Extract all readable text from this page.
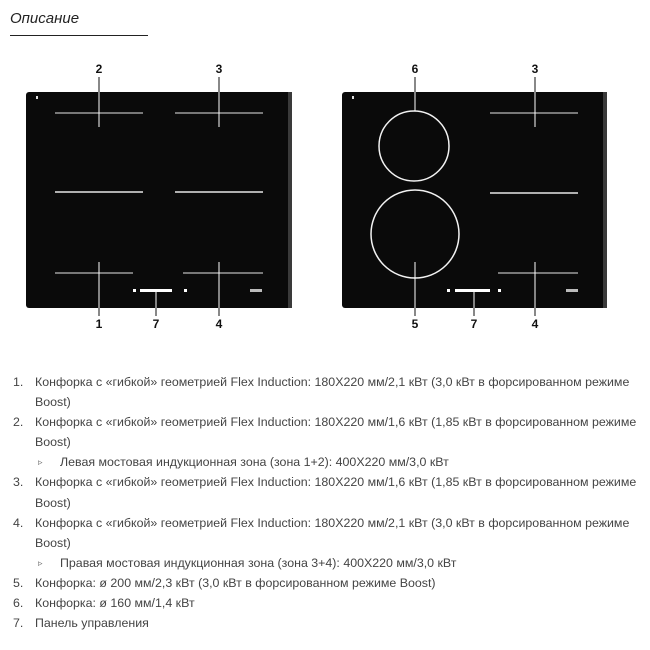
Описание
2	3
1	7	4
6	3
5	7	4
1. Конфорка с «гибкой» геометрией Flex Induction: 180Х220 мм/2,1 кВт (3,0 кВт в форсированном режиме Boost)
2. Конфорка с «гибкой» геометрией Flex Induction: 180Х220 мм/1,6 кВт (1,85 кВт в форсированном режиме Boost)
▹ Левая мостовая индукционная зона (зона 1+2): 400Х220 мм/3,0 кВт
3. Конфорка с «гибкой» геометрией Flex Induction: 180Х220 мм/1,6 кВт (1,85 кВт в форсированном режиме Boost)
4. Конфорка с «гибкой» геометрией Flex Induction: 180Х220 мм/2,1 кВт (3,0 кВт в форсированном режиме Boost)
▹ Правая мостовая индукционная зона (зона 3+4): 400Х220 мм/3,0 кВт
5. Конфорка: ø 200 мм/2,3 кВт (3,0 кВт в форсированном режиме Boost)
6. Конфорка: ø 160 мм/1,4 кВт
7. Панель управления
